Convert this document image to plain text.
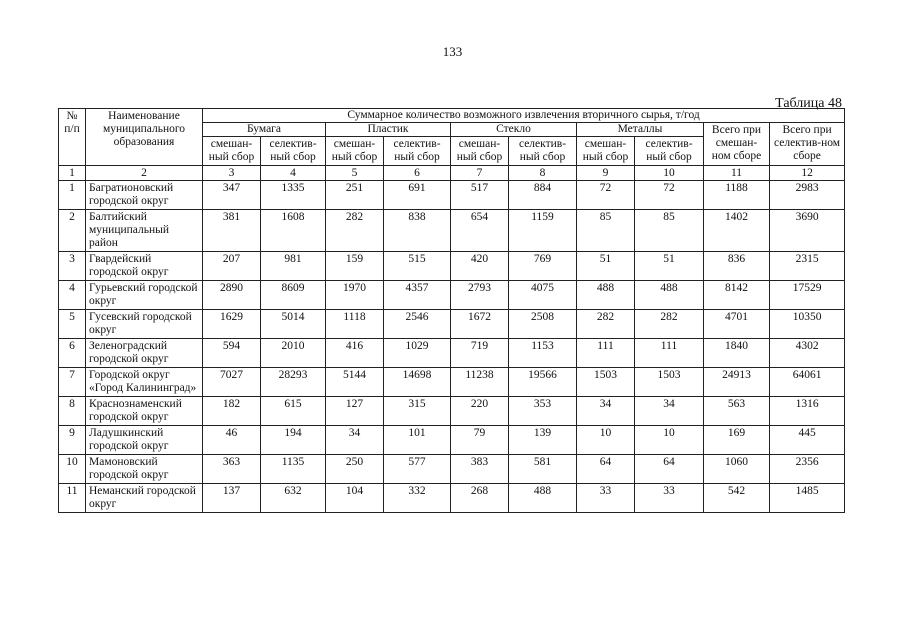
133
Таблица 48
№ п/п	Наименование муниципального образования	Суммарное количество возможного извлечения вторичного сырья, т/год									
		Бумага		Пластик		Стекло		Металлы		Всего при смешан-ном сборе	Всего при селектив-ном сборе
		смешан-ный сбор	селектив-ный сбор	смешан-ный сбор	селектив-ный сбор	смешан-ный сбор	селектив-ный сбор	смешан-ный сбор	селектив-ный сбор		
1	2	3	4	5	6	7	8	9	10	11	12
1	Багратионовский городской округ	347	1335	251	691	517	884	72	72	1188	2983
2	Балтийский муниципальный район	381	1608	282	838	654	1159	85	85	1402	3690
3	Гвардейский городской округ	207	981	159	515	420	769	51	51	836	2315
4	Гурьевский городской округ	2890	8609	1970	4357	2793	4075	488	488	8142	17529
5	Гусевский городской округ	1629	5014	1118	2546	1672	2508	282	282	4701	10350
6	Зеленоградский городской округ	594	2010	416	1029	719	1153	111	111	1840	4302
7	Городской округ «Город Калининград»	7027	28293	5144	14698	11238	19566	1503	1503	24913	64061
8	Краснознаменский городской округ	182	615	127	315	220	353	34	34	563	1316
9	Ладушкинский городской округ	46	194	34	101	79	139	10	10	169	445
10	Мамоновский городской округ	363	1135	250	577	383	581	64	64	1060	2356
11	Неманский городской округ	137	632	104	332	268	488	33	33	542	1485
